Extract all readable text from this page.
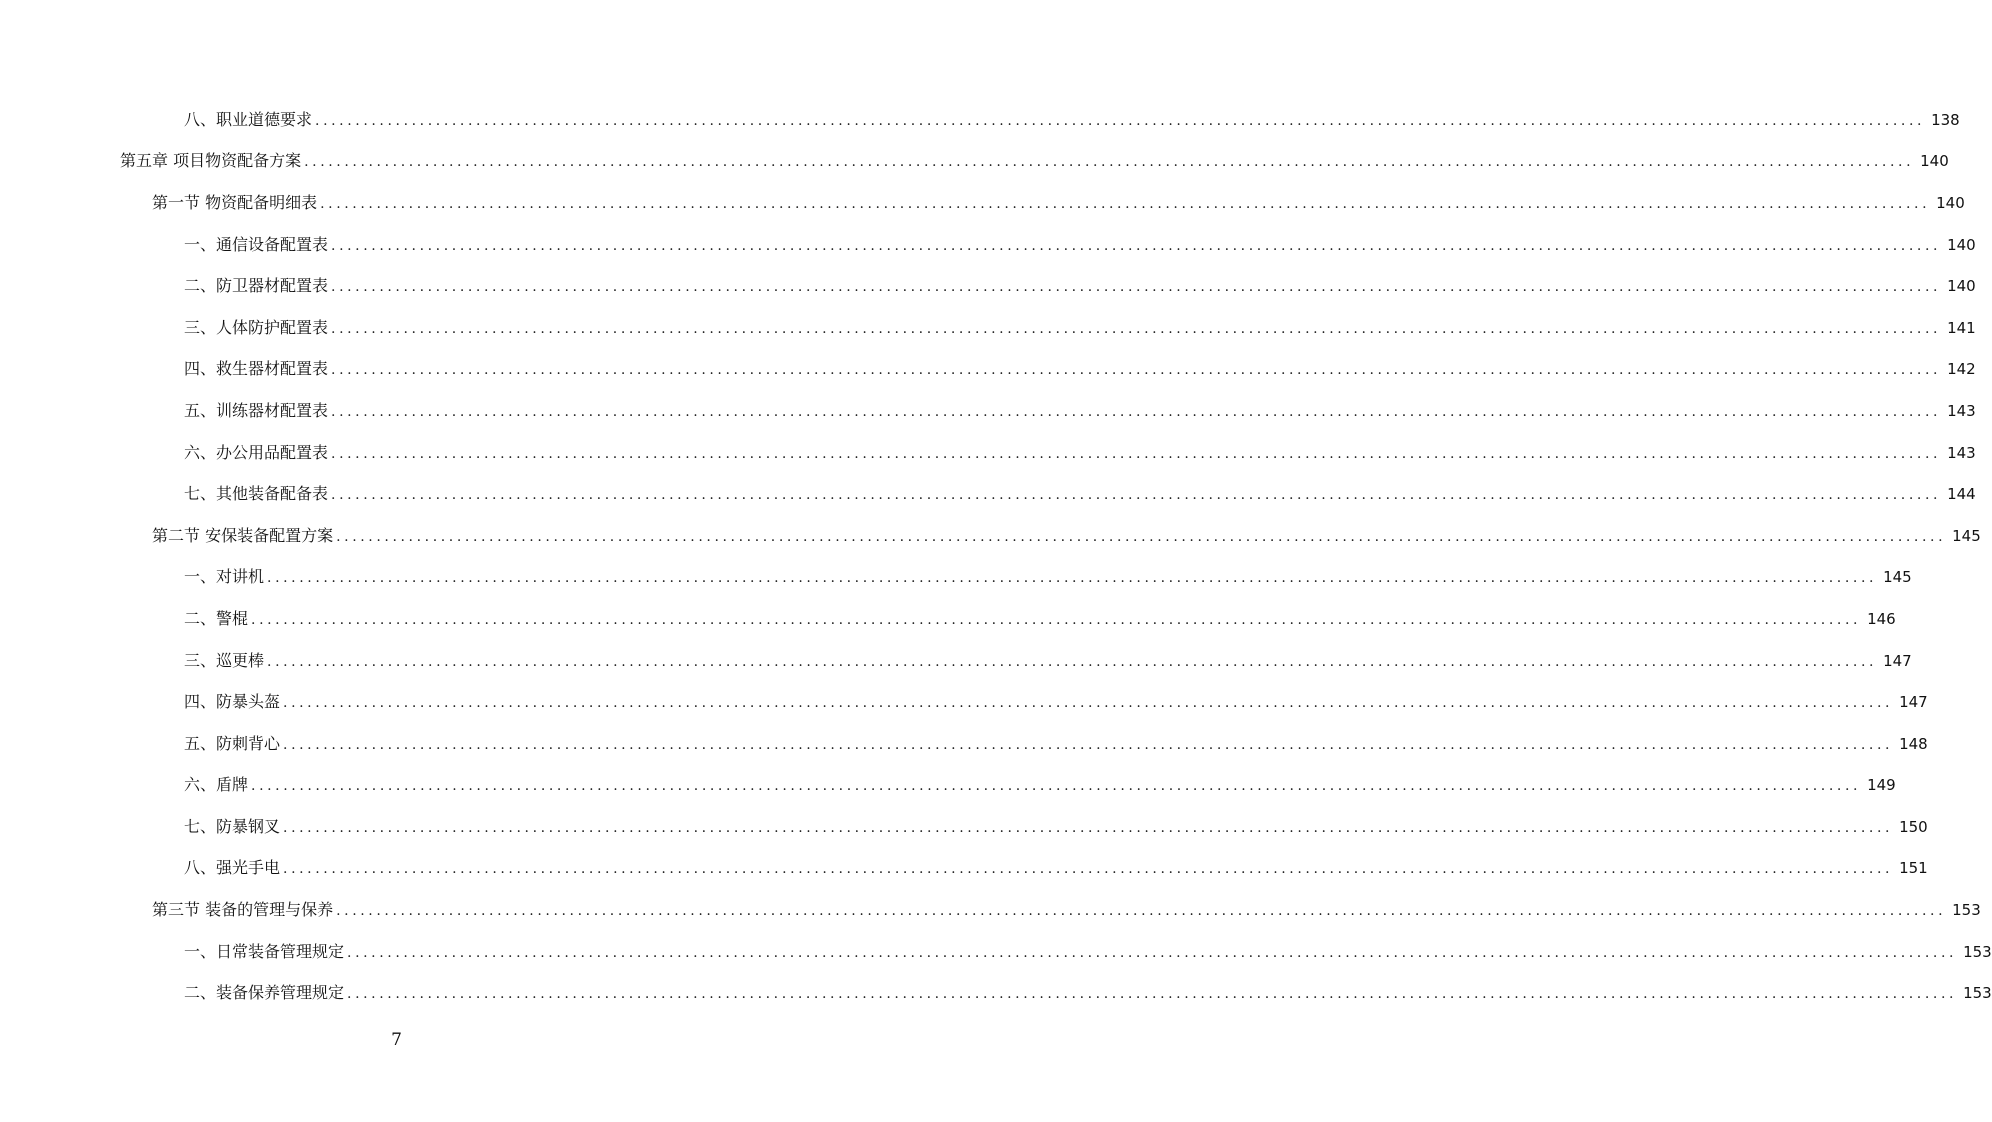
八、职业道德要求 ........................................................................................................................................................................................................ 138
第五章 项目物资配备方案 ........................................................................................................................................................................................................ 140
第一节 物资配备明细表 ........................................................................................................................................................................................................ 140
一、通信设备配置表 ........................................................................................................................................................................................................ 140
二、防卫器材配置表 ........................................................................................................................................................................................................ 140
三、人体防护配置表 ........................................................................................................................................................................................................ 141
四、救生器材配置表 ........................................................................................................................................................................................................ 142
五、训练器材配置表 ........................................................................................................................................................................................................ 143
六、办公用品配置表 ........................................................................................................................................................................................................ 143
七、其他装备配备表 ........................................................................................................................................................................................................ 144
第二节 安保装备配置方案 ........................................................................................................................................................................................................ 145
一、对讲机 ........................................................................................................................................................................................................ 145
二、警棍 ........................................................................................................................................................................................................ 146
三、巡更棒 ........................................................................................................................................................................................................ 147
四、防暴头盔 ........................................................................................................................................................................................................ 147
五、防刺背心 ........................................................................................................................................................................................................ 148
六、盾牌 ........................................................................................................................................................................................................ 149
七、防暴钢叉 ........................................................................................................................................................................................................ 150
八、强光手电 ........................................................................................................................................................................................................ 151
第三节 装备的管理与保养 ........................................................................................................................................................................................................ 153
一、日常装备管理规定 ........................................................................................................................................................................................................ 153
二、装备保养管理规定 ........................................................................................................................................................................................................ 153
7
